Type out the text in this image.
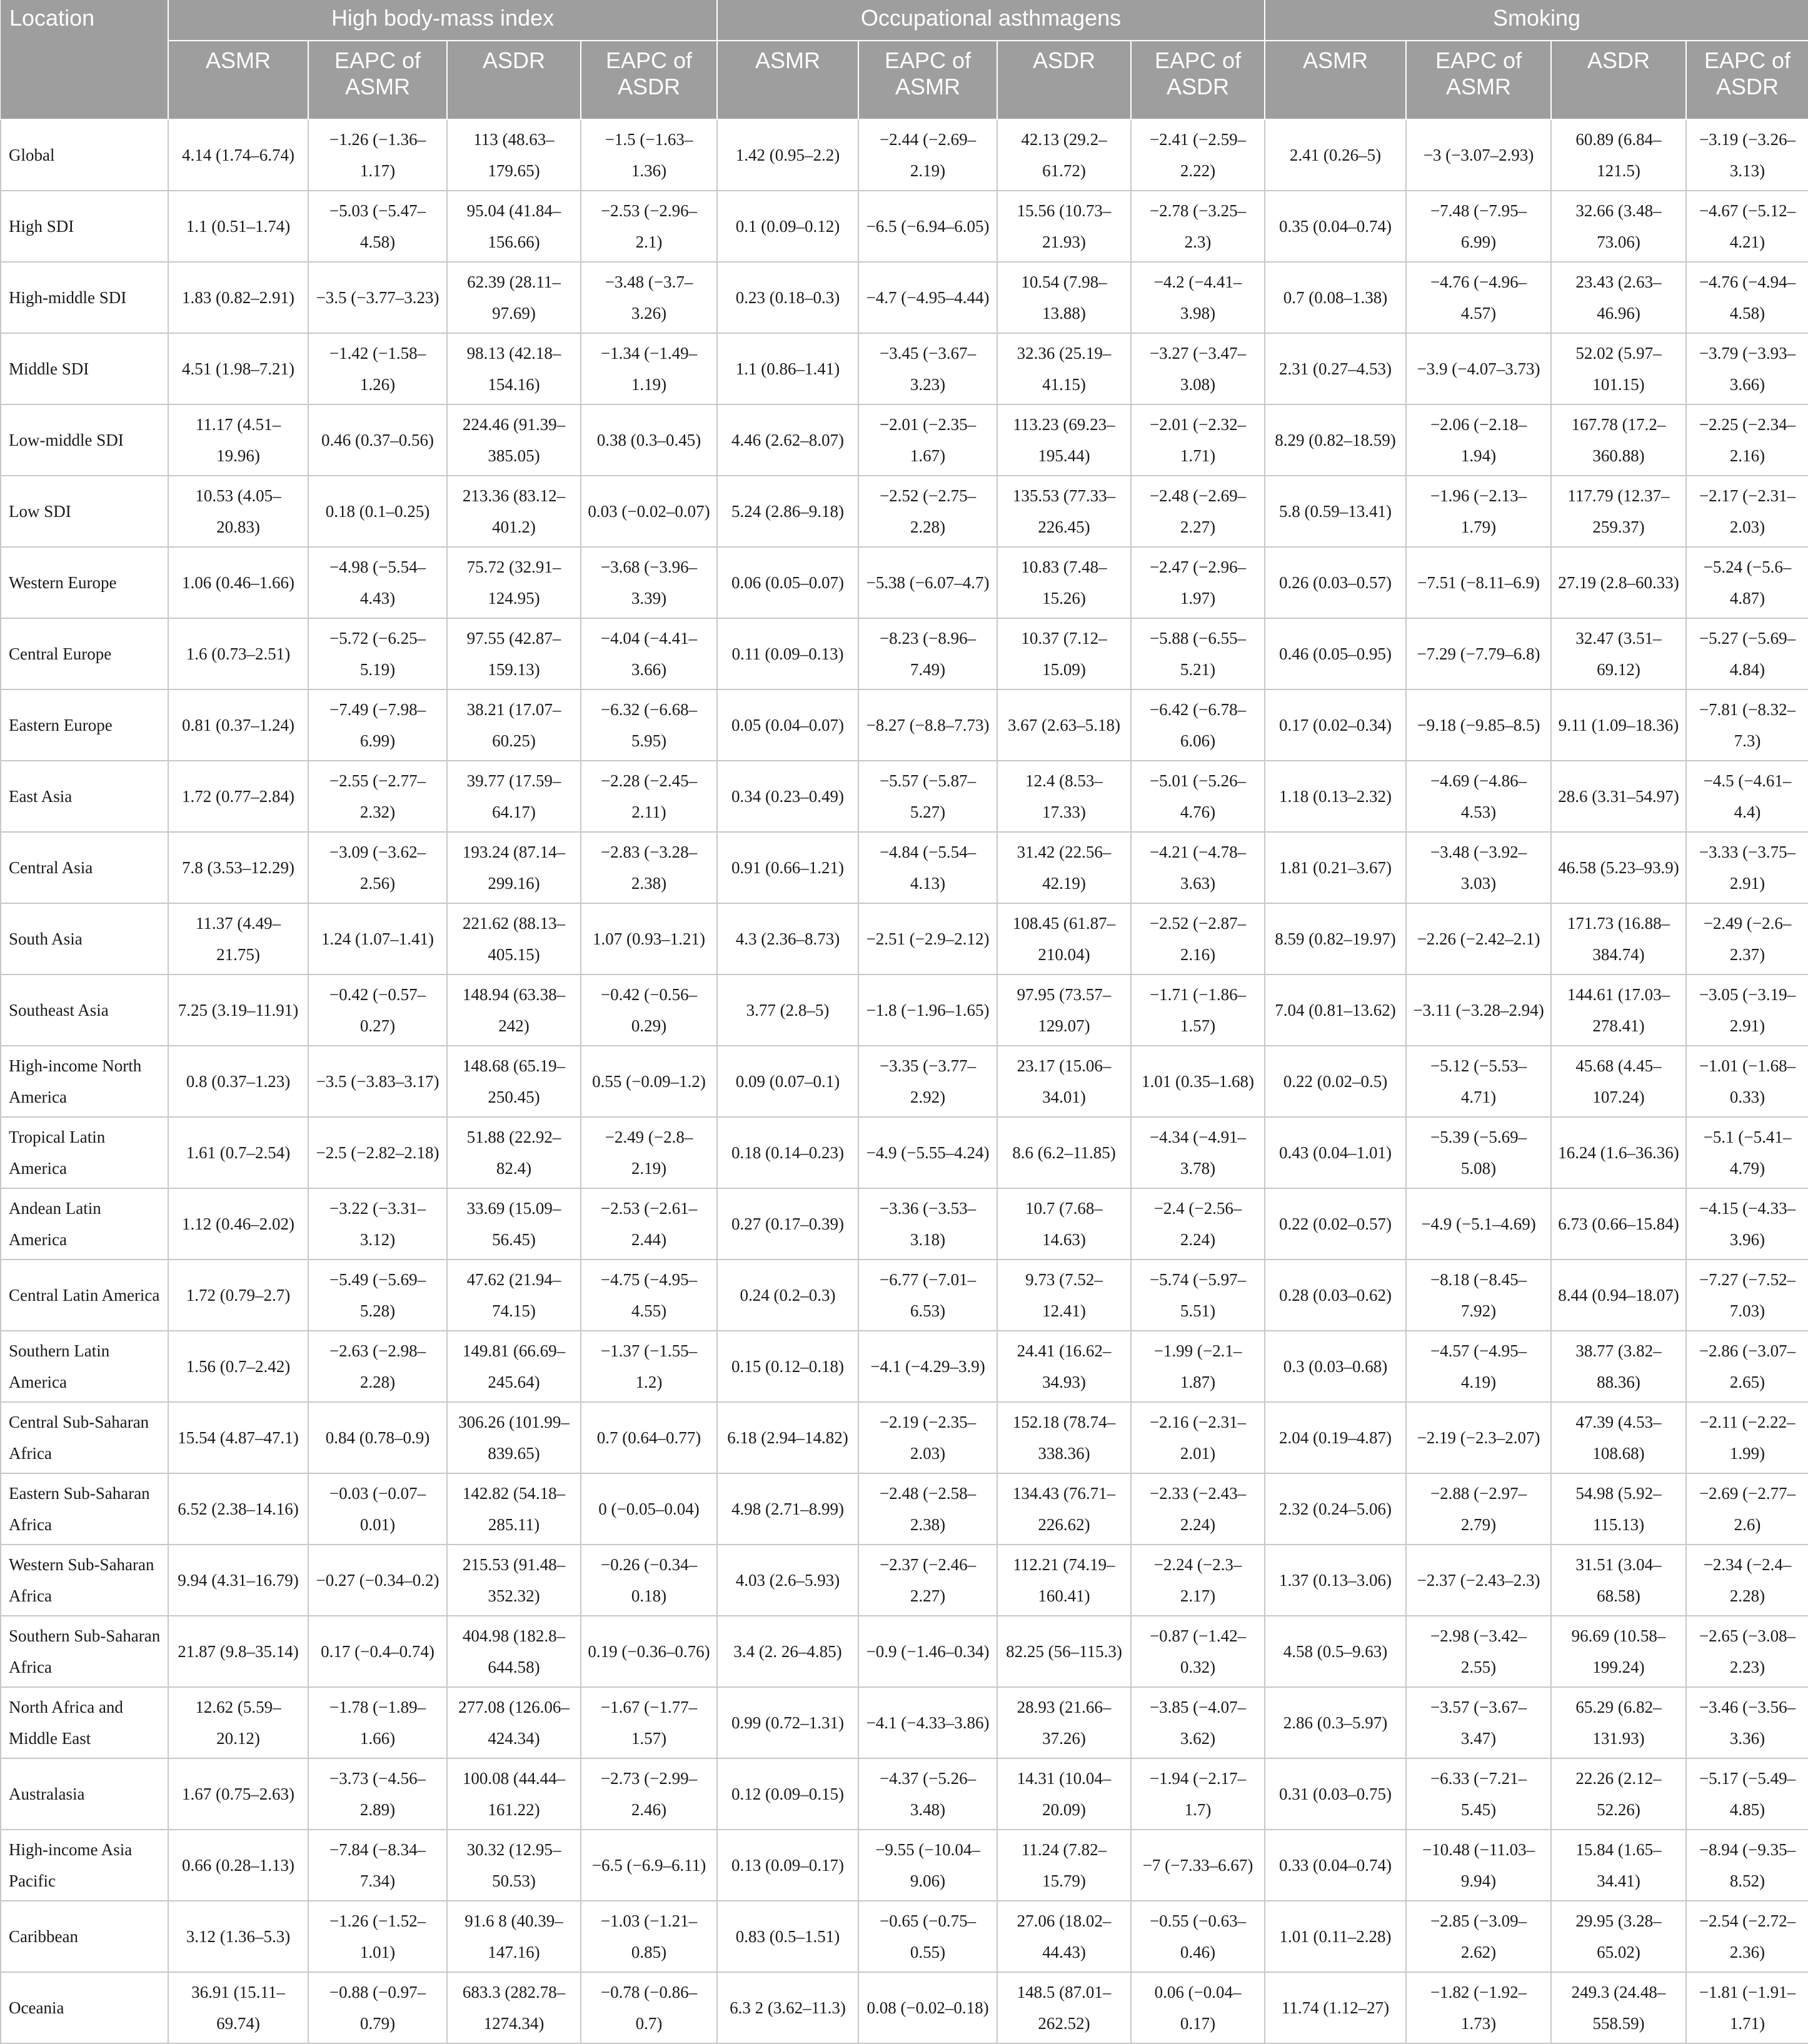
Location	High body-mass index				Occupational asthmagens				Smoking			
	ASMR	EAPC of ASMR	ASDR	EAPC of ASDR	ASMR	EAPC of ASMR	ASDR	EAPC of ASDR	ASMR	EAPC of ASMR	ASDR	EAPC of ASDR
Global	4.14 (1.74–6.74)	−1.26 (−1.36–1.17)	113 (48.63–179.65)	−1.5 (−1.63–1.36)	1.42 (0.95–2.2)	−2.44 (−2.69–2.19)	42.13 (29.2–61.72)	−2.41 (−2.59–2.22)	2.41 (0.26–5)	−3 (−3.07–2.93)	60.89 (6.84–121.5)	−3.19 (−3.26–3.13)
High SDI	1.1 (0.51–1.74)	−5.03 (−5.47–4.58)	95.04 (41.84–156.66)	−2.53 (−2.96–2.1)	0.1 (0.09–0.12)	−6.5 (−6.94–6.05)	15.56 (10.73–21.93)	−2.78 (−3.25–2.3)	0.35 (0.04–0.74)	−7.48 (−7.95–6.99)	32.66 (3.48–73.06)	−4.67 (−5.12–4.21)
High-middle SDI	1.83 (0.82–2.91)	−3.5 (−3.77–3.23)	62.39 (28.11–97.69)	−3.48 (−3.7–3.26)	0.23 (0.18–0.3)	−4.7 (−4.95–4.44)	10.54 (7.98–13.88)	−4.2 (−4.41–3.98)	0.7 (0.08–1.38)	−4.76 (−4.96–4.57)	23.43 (2.63–46.96)	−4.76 (−4.94–4.58)
Middle SDI	4.51 (1.98–7.21)	−1.42 (−1.58–1.26)	98.13 (42.18–154.16)	−1.34 (−1.49–1.19)	1.1 (0.86–1.41)	−3.45 (−3.67–3.23)	32.36 (25.19–41.15)	−3.27 (−3.47–3.08)	2.31 (0.27–4.53)	−3.9 (−4.07–3.73)	52.02 (5.97–101.15)	−3.79 (−3.93–3.66)
Low-middle SDI	11.17 (4.51–19.96)	0.46 (0.37–0.56)	224.46 (91.39–385.05)	0.38 (0.3–0.45)	4.46 (2.62–8.07)	−2.01 (−2.35–1.67)	113.23 (69.23–195.44)	−2.01 (−2.32–1.71)	8.29 (0.82–18.59)	−2.06 (−2.18–1.94)	167.78 (17.2–360.88)	−2.25 (−2.34–2.16)
Low SDI	10.53 (4.05–20.83)	0.18 (0.1–0.25)	213.36 (83.12–401.2)	0.03 (−0.02–0.07)	5.24 (2.86–9.18)	−2.52 (−2.75–2.28)	135.53 (77.33–226.45)	−2.48 (−2.69–2.27)	5.8 (0.59–13.41)	−1.96 (−2.13–1.79)	117.79 (12.37–259.37)	−2.17 (−2.31–2.03)
Western Europe	1.06 (0.46–1.66)	−4.98 (−5.54–4.43)	75.72 (32.91–124.95)	−3.68 (−3.96–3.39)	0.06 (0.05–0.07)	−5.38 (−6.07–4.7)	10.83 (7.48–15.26)	−2.47 (−2.96–1.97)	0.26 (0.03–0.57)	−7.51 (−8.11–6.9)	27.19 (2.8–60.33)	−5.24 (−5.6–4.87)
Central Europe	1.6 (0.73–2.51)	−5.72 (−6.25–5.19)	97.55 (42.87–159.13)	−4.04 (−4.41–3.66)	0.11 (0.09–0.13)	−8.23 (−8.96–7.49)	10.37 (7.12–15.09)	−5.88 (−6.55–5.21)	0.46 (0.05–0.95)	−7.29 (−7.79–6.8)	32.47 (3.51–69.12)	−5.27 (−5.69–4.84)
Eastern Europe	0.81 (0.37–1.24)	−7.49 (−7.98–6.99)	38.21 (17.07–60.25)	−6.32 (−6.68–5.95)	0.05 (0.04–0.07)	−8.27 (−8.8–7.73)	3.67 (2.63–5.18)	−6.42 (−6.78–6.06)	0.17 (0.02–0.34)	−9.18 (−9.85–8.5)	9.11 (1.09–18.36)	−7.81 (−8.32–7.3)
East Asia	1.72 (0.77–2.84)	−2.55 (−2.77–2.32)	39.77 (17.59–64.17)	−2.28 (−2.45–2.11)	0.34 (0.23–0.49)	−5.57 (−5.87–5.27)	12.4 (8.53–17.33)	−5.01 (−5.26–4.76)	1.18 (0.13–2.32)	−4.69 (−4.86–4.53)	28.6 (3.31–54.97)	−4.5 (−4.61–4.4)
Central Asia	7.8 (3.53–12.29)	−3.09 (−3.62–2.56)	193.24 (87.14–299.16)	−2.83 (−3.28–2.38)	0.91 (0.66–1.21)	−4.84 (−5.54–4.13)	31.42 (22.56–42.19)	−4.21 (−4.78–3.63)	1.81 (0.21–3.67)	−3.48 (−3.92–3.03)	46.58 (5.23–93.9)	−3.33 (−3.75–2.91)
South Asia	11.37 (4.49–21.75)	1.24 (1.07–1.41)	221.62 (88.13–405.15)	1.07 (0.93–1.21)	4.3 (2.36–8.73)	−2.51 (−2.9–2.12)	108.45 (61.87–210.04)	−2.52 (−2.87–2.16)	8.59 (0.82–19.97)	−2.26 (−2.42–2.1)	171.73 (16.88–384.74)	−2.49 (−2.6–2.37)
Southeast Asia	7.25 (3.19–11.91)	−0.42 (−0.57–0.27)	148.94 (63.38–242)	−0.42 (−0.56–0.29)	3.77 (2.8–5)	−1.8 (−1.96–1.65)	97.95 (73.57–129.07)	−1.71 (−1.86–1.57)	7.04 (0.81–13.62)	−3.11 (−3.28–2.94)	144.61 (17.03–278.41)	−3.05 (−3.19–2.91)
High-income North America	0.8 (0.37–1.23)	−3.5 (−3.83–3.17)	148.68 (65.19–250.45)	0.55 (−0.09–1.2)	0.09 (0.07–0.1)	−3.35 (−3.77–2.92)	23.17 (15.06–34.01)	1.01 (0.35–1.68)	0.22 (0.02–0.5)	−5.12 (−5.53–4.71)	45.68 (4.45–107.24)	−1.01 (−1.68–0.33)
Tropical Latin America	1.61 (0.7–2.54)	−2.5 (−2.82–2.18)	51.88 (22.92–82.4)	−2.49 (−2.8–2.19)	0.18 (0.14–0.23)	−4.9 (−5.55–4.24)	8.6 (6.2–11.85)	−4.34 (−4.91–3.78)	0.43 (0.04–1.01)	−5.39 (−5.69–5.08)	16.24 (1.6–36.36)	−5.1 (−5.41–4.79)
Andean Latin America	1.12 (0.46–2.02)	−3.22 (−3.31–3.12)	33.69 (15.09–56.45)	−2.53 (−2.61–2.44)	0.27 (0.17–0.39)	−3.36 (−3.53–3.18)	10.7 (7.68–14.63)	−2.4 (−2.56–2.24)	0.22 (0.02–0.57)	−4.9 (−5.1–4.69)	6.73 (0.66–15.84)	−4.15 (−4.33–3.96)
Central Latin America	1.72 (0.79–2.7)	−5.49 (−5.69–5.28)	47.62 (21.94–74.15)	−4.75 (−4.95–4.55)	0.24 (0.2–0.3)	−6.77 (−7.01–6.53)	9.73 (7.52–12.41)	−5.74 (−5.97–5.51)	0.28 (0.03–0.62)	−8.18 (−8.45–7.92)	8.44 (0.94–18.07)	−7.27 (−7.52–7.03)
Southern Latin America	1.56 (0.7–2.42)	−2.63 (−2.98–2.28)	149.81 (66.69–245.64)	−1.37 (−1.55–1.2)	0.15 (0.12–0.18)	−4.1 (−4.29–3.9)	24.41 (16.62–34.93)	−1.99 (−2.1–1.87)	0.3 (0.03–0.68)	−4.57 (−4.95–4.19)	38.77 (3.82–88.36)	−2.86 (−3.07–2.65)
Central Sub-Saharan Africa	15.54 (4.87–47.1)	0.84 (0.78–0.9)	306.26 (101.99–839.65)	0.7 (0.64–0.77)	6.18 (2.94–14.82)	−2.19 (−2.35–2.03)	152.18 (78.74–338.36)	−2.16 (−2.31–2.01)	2.04 (0.19–4.87)	−2.19 (−2.3–2.07)	47.39 (4.53–108.68)	−2.11 (−2.22–1.99)
Eastern Sub-Saharan Africa	6.52 (2.38–14.16)	−0.03 (−0.07–0.01)	142.82 (54.18–285.11)	0 (−0.05–0.04)	4.98 (2.71–8.99)	−2.48 (−2.58–2.38)	134.43 (76.71–226.62)	−2.33 (−2.43–2.24)	2.32 (0.24–5.06)	−2.88 (−2.97–2.79)	54.98 (5.92–115.13)	−2.69 (−2.77–2.6)
Western Sub-Saharan Africa	9.94 (4.31–16.79)	−0.27 (−0.34–0.2)	215.53 (91.48–352.32)	−0.26 (−0.34–0.18)	4.03 (2.6–5.93)	−2.37 (−2.46–2.27)	112.21 (74.19–160.41)	−2.24 (−2.3–2.17)	1.37 (0.13–3.06)	−2.37 (−2.43–2.3)	31.51 (3.04–68.58)	−2.34 (−2.4–2.28)
Southern Sub-Saharan Africa	21.87 (9.8–35.14)	0.17 (−0.4–0.74)	404.98 (182.8–644.58)	0.19 (−0.36–0.76)	3.4 (2. 26–4.85)	−0.9 (−1.46–0.34)	82.25 (56–115.3)	−0.87 (−1.42–0.32)	4.58 (0.5–9.63)	−2.98 (−3.42–2.55)	96.69 (10.58–199.24)	−2.65 (−3.08–2.23)
North Africa and Middle East	12.62 (5.59–20.12)	−1.78 (−1.89–1.66)	277.08 (126.06–424.34)	−1.67 (−1.77–1.57)	0.99 (0.72–1.31)	−4.1 (−4.33–3.86)	28.93 (21.66–37.26)	−3.85 (−4.07–3.62)	2.86 (0.3–5.97)	−3.57 (−3.67–3.47)	65.29 (6.82–131.93)	−3.46 (−3.56–3.36)
Australasia	1.67 (0.75–2.63)	−3.73 (−4.56–2.89)	100.08 (44.44–161.22)	−2.73 (−2.99–2.46)	0.12 (0.09–0.15)	−4.37 (−5.26–3.48)	14.31 (10.04–20.09)	−1.94 (−2.17–1.7)	0.31 (0.03–0.75)	−6.33 (−7.21–5.45)	22.26 (2.12–52.26)	−5.17 (−5.49–4.85)
High-income Asia Pacific	0.66 (0.28–1.13)	−7.84 (−8.34–7.34)	30.32 (12.95–50.53)	−6.5 (−6.9–6.11)	0.13 (0.09–0.17)	−9.55 (−10.04–9.06)	11.24 (7.82–15.79)	−7 (−7.33–6.67)	0.33 (0.04–0.74)	−10.48 (−11.03–9.94)	15.84 (1.65–34.41)	−8.94 (−9.35–8.52)
Caribbean	3.12 (1.36–5.3)	−1.26 (−1.52–1.01)	91.6 8 (40.39–147.16)	−1.03 (−1.21–0.85)	0.83 (0.5–1.51)	−0.65 (−0.75–0.55)	27.06 (18.02–44.43)	−0.55 (−0.63–0.46)	1.01 (0.11–2.28)	−2.85 (−3.09–2.62)	29.95 (3.28–65.02)	−2.54 (−2.72–2.36)
Oceania	36.91 (15.11–69.74)	−0.88 (−0.97–0.79)	683.3 (282.78–1274.34)	−0.78 (−0.86–0.7)	6.3 2 (3.62–11.3)	0.08 (−0.02–0.18)	148.5 (87.01–262.52)	0.06 (−0.04–0.17)	11.74 (1.12–27)	−1.82 (−1.92–1.73)	249.3 (24.48–558.59)	−1.81 (−1.91–1.71)
